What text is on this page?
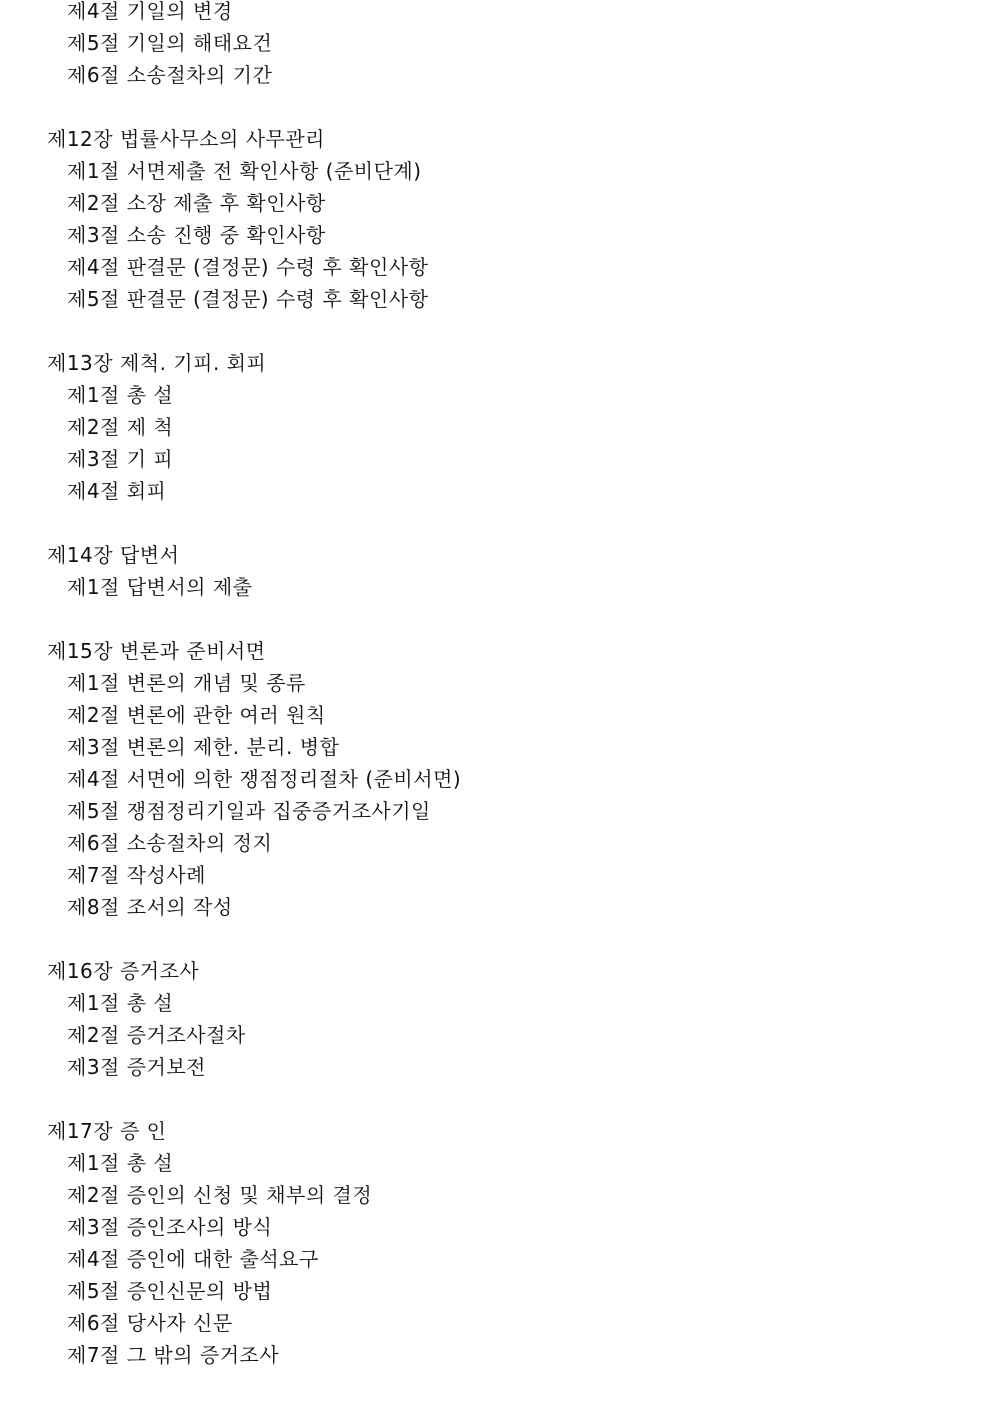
제4절 기일의 변경
제5절 기일의 해태요건
제6절 소송절차의 기간
제12장 법률사무소의 사무관리
제1절 서면제출 전 확인사항 (준비단계)
제2절 소장 제출 후 확인사항
제3절 소송 진행 중 확인사항
제4절 판결문 (결정문) 수령 후 확인사항
제5절 판결문 (결정문) 수령 후 확인사항
제13장 제척. 기피. 회피
제1절 총 설
제2절 제 척
제3절 기 피
제4절 회피
제14장 답변서
제1절 답변서의 제출
제15장 변론과 준비서면
제1절 변론의 개념 및 종류
제2절 변론에 관한 여러 원칙
제3절 변론의 제한. 분리. 병합
제4절 서면에 의한 쟁점정리절차 (준비서면)
제5절 쟁점정리기일과 집중증거조사기일
제6절 소송절차의 정지
제7절 작성사례
제8절 조서의 작성
제16장 증거조사
제1절 총 설
제2절 증거조사절차
제3절 증거보전
제17장 증 인
제1절 총 설
제2절 증인의 신청 및 채부의 결정
제3절 증인조사의 방식
제4절 증인에 대한 출석요구
제5절 증인신문의 방법
제6절 당사자 신문
제7절 그 밖의 증거조사
